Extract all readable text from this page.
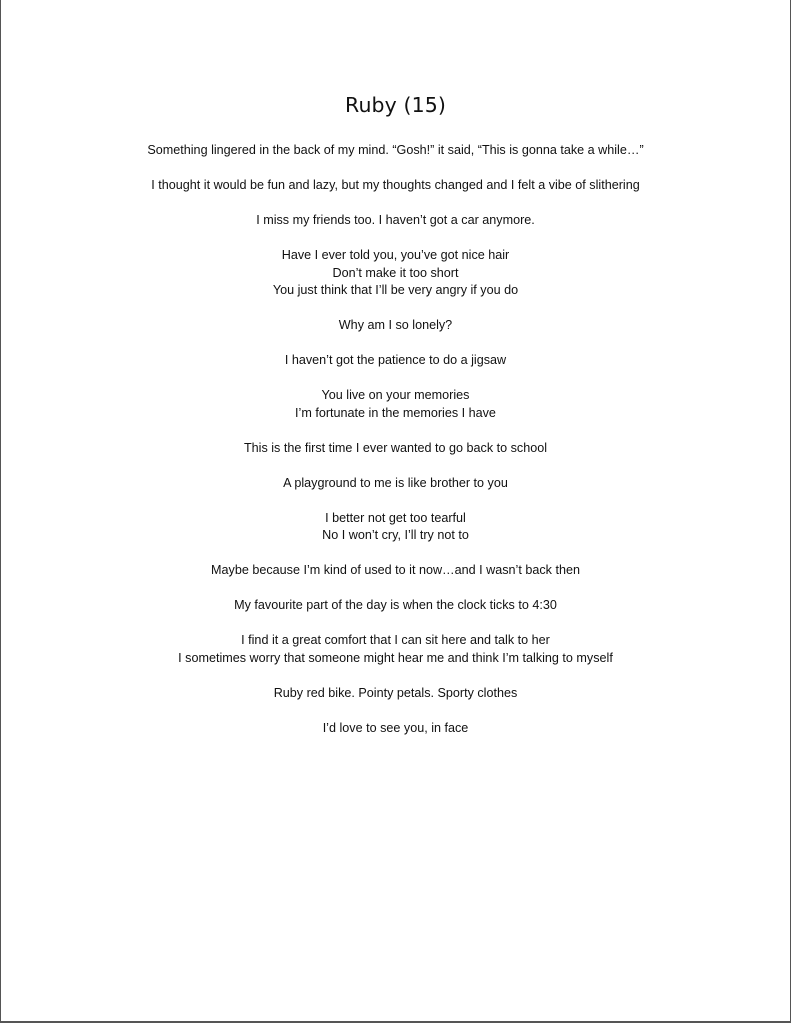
Ruby (15)
Something lingered in the back of my mind. “Gosh!” it said, “This is gonna take a while…”
I thought it would be fun and lazy, but my thoughts changed and I felt a vibe of slithering
I miss my friends too. I haven’t got a car anymore.
Have I ever told you, you’ve got nice hair
Don’t make it too short
You just think that I’ll be very angry if you do
Why am I so lonely?
I haven’t got the patience to do a jigsaw
You live on your memories
I’m fortunate in the memories I have
This is the first time I ever wanted to go back to school
A playground to me is like brother to you
I better not get too tearful
No I won’t cry, I’ll try not to
Maybe because I’m kind of used to it now…and I wasn’t back then
My favourite part of the day is when the clock ticks to 4:30
I find it a great comfort that I can sit here and talk to her
I sometimes worry that someone might hear me and think I’m talking to myself
Ruby red bike. Pointy petals. Sporty clothes
I’d love to see you, in face
